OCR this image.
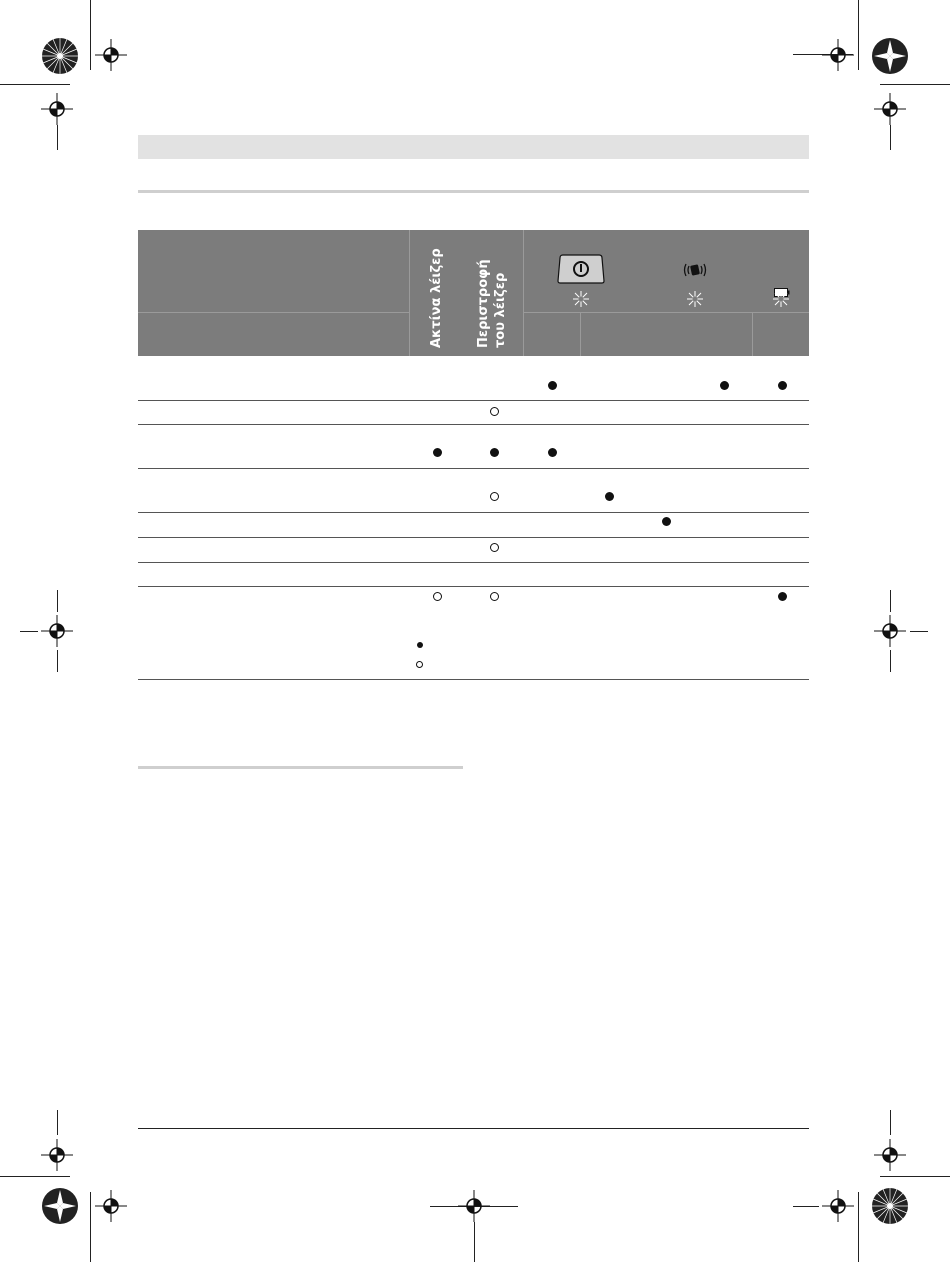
Ακτίνα λέιζερ Περιστροφή του λέιζερ
